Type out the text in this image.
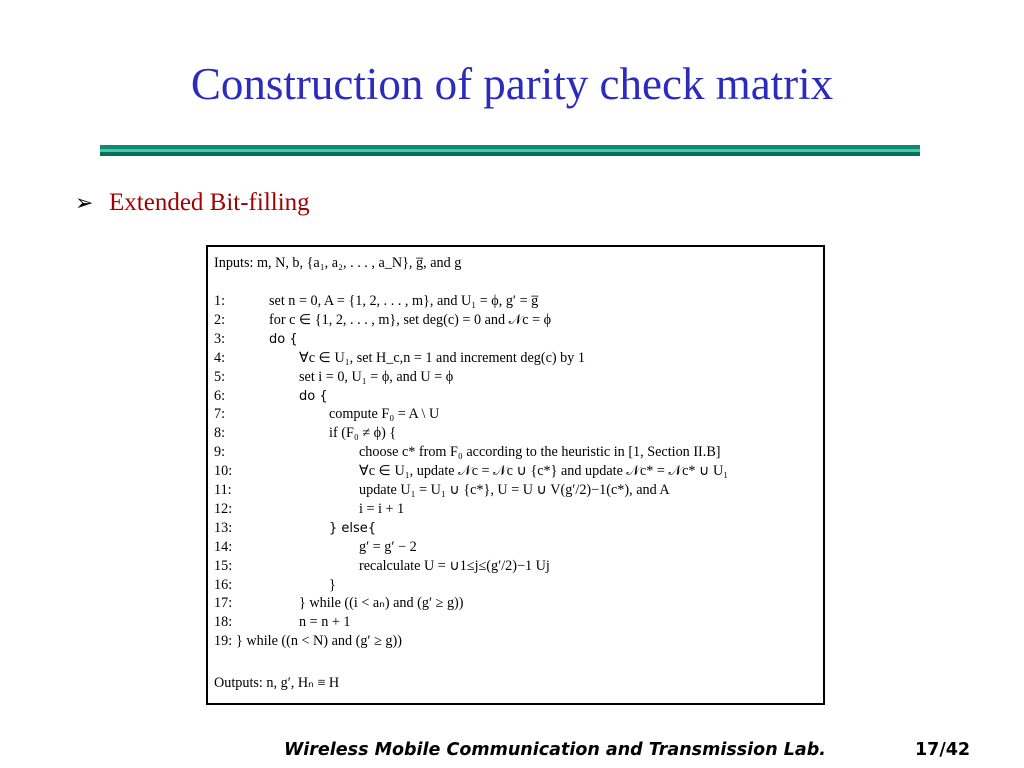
Construction of parity check matrix
➢ Extended Bit-filling
Inputs: m, N, b, {a₁, a₂, . . . , a_N}, g̅, and g
1:	set n = 0, A = {1, 2, . . . , m}, and U₁ = ϕ, g′ = g̅
2:	for c ∈ {1, 2, . . . , m}, set deg(c) = 0 and 𝒩c = ϕ
3:	do {
4:	∀c ∈ U₁, set H_c,n = 1 and increment deg(c) by 1
5:	set i = 0, U₁ = ϕ, and U = ϕ
6:	do {
7:	compute F₀ = A \ U
8:	if (F₀ ≠ ϕ) {
9:	choose c* from F₀ according to the heuristic in [1, Section II.B]
10:	∀c ∈ U₁, update 𝒩c = 𝒩c ∪ {c*} and update 𝒩c* = 𝒩c* ∪ U₁
11:	update U₁ = U₁ ∪ {c*}, U = U ∪ V(g′/2)−1(c*), and A
12:	i = i + 1
13:	} else{
14:	g′ = g′ − 2
15:	recalculate U = ∪1≤j≤(g′/2)−1 Uj
16:	}
17:	} while ((i < aₙ) and (g′ ≥ g))
18:	n = n + 1
19: } while ((n < N) and (g′ ≥ g))
Outputs: n, g′, Hₙ ≡ H
Wireless Mobile Communication and Transmission Lab.	17/42
